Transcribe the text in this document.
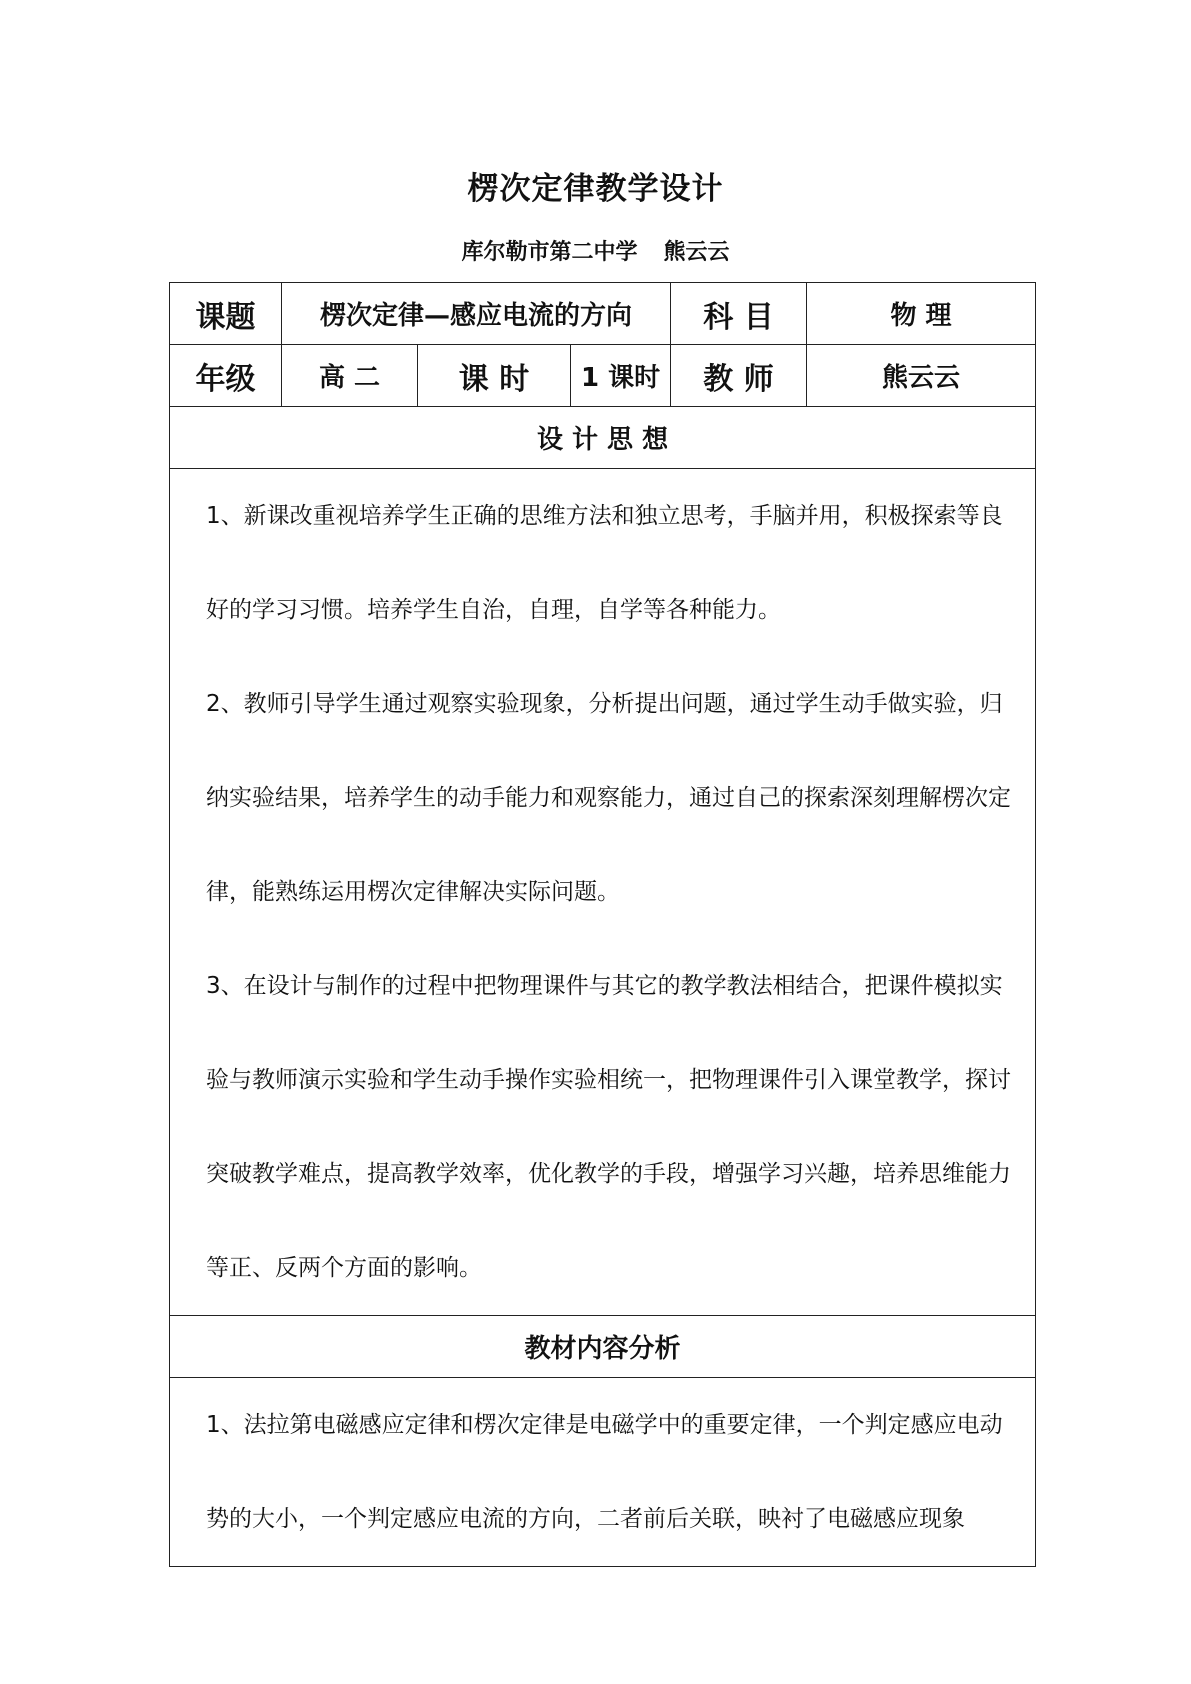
楞次定律教学设计
库尔勒市第二中学 熊云云
课题	楞次定律—感应电流的方向			科 目	物 理
年级	高 二	课 时	1 课时	教 师	熊云云
设 计 思 想					

1、新课改重视培养学生正确的思维方法和独立思考，手脑并用，积极探索等良好的学习习惯。培养学生自治，自理，自学等各种能力。

2、教师引导学生通过观察实验现象，分析提出问题，通过学生动手做实验，归纳实验结果，培养学生的动手能力和观察能力，通过自己的探索深刻理解楞次定律，能熟练运用楞次定律解决实际问题。

3、在设计与制作的过程中把物理课件与其它的教学教法相结合，把课件模拟实验与教师演示实验和学生动手操作实验相统一，把物理课件引入课堂教学，探讨突破教学难点，提高教学效率，优化教学的手段，增强学习兴趣，培养思维能力等正、反两个方面的影响。					

教材内容分析					

1、法拉第电磁感应定律和楞次定律是电磁学中的重要定律，一个判定感应电动势的大小，一个判定感应电流的方向，二者前后关联，映衬了电磁感应现象					
